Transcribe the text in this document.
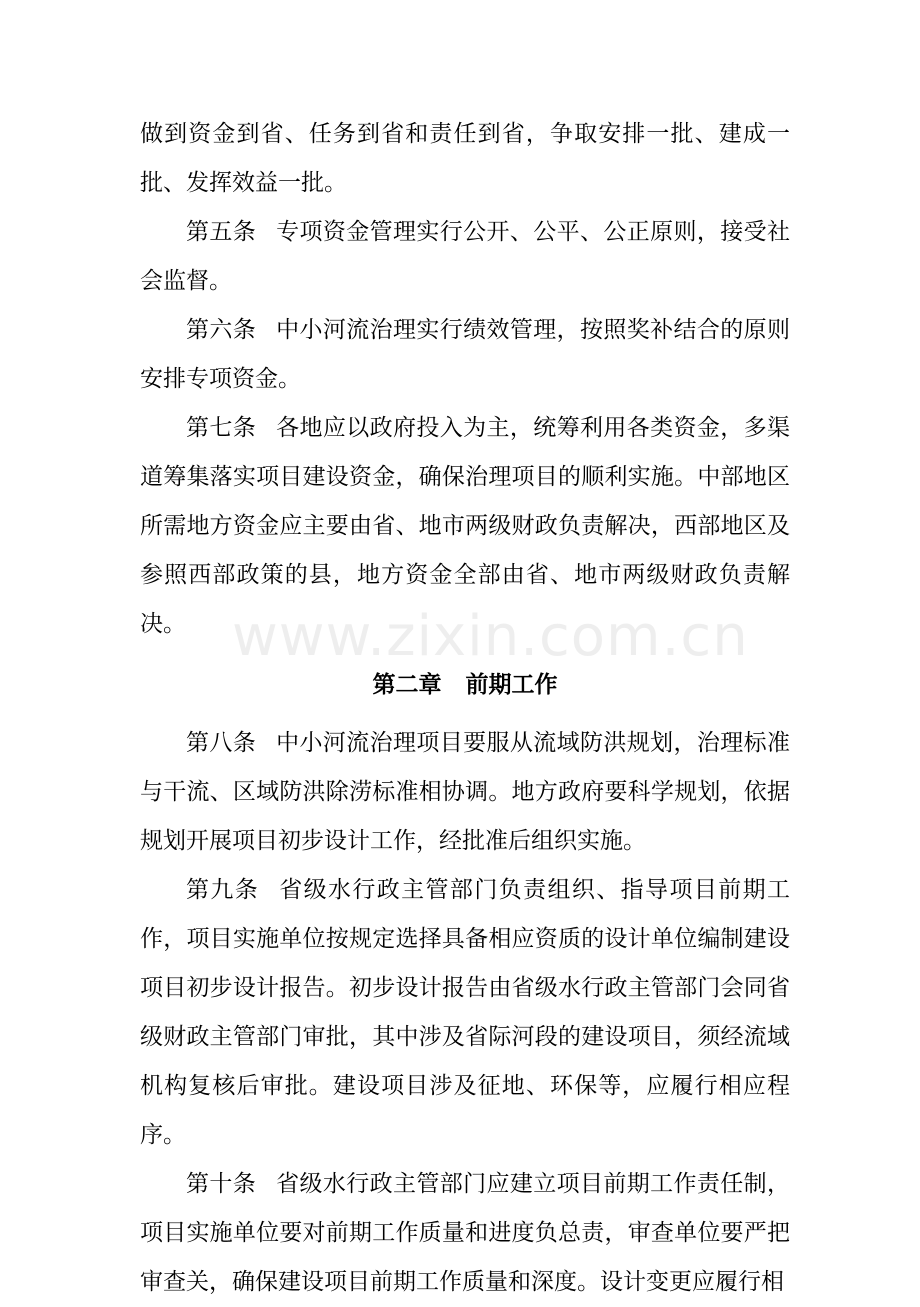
www.zixin.com.cn

做到资金到省、任务到省和责任到省，争取安排一批、建成一批、发挥效益一批。

第五条 专项资金管理实行公开、公平、公正原则，接受社会监督。

第六条 中小河流治理实行绩效管理，按照奖补结合的原则安排专项资金。

第七条 各地应以政府投入为主，统筹利用各类资金，多渠道筹集落实项目建设资金，确保治理项目的顺利实施。中部地区所需地方资金应主要由省、地市两级财政负责解决，西部地区及参照西部政策的县，地方资金全部由省、地市两级财政负责解决。

第二章 前期工作

第八条 中小河流治理项目要服从流域防洪规划，治理标准与干流、区域防洪除涝标准相协调。地方政府要科学规划，依据规划开展项目初步设计工作，经批准后组织实施。

第九条 省级水行政主管部门负责组织、指导项目前期工作，项目实施单位按规定选择具备相应资质的设计单位编制建设项目初步设计报告。初步设计报告由省级水行政主管部门会同省级财政主管部门审批，其中涉及省际河段的建设项目，须经流域机构复核后审批。建设项目涉及征地、环保等，应履行相应程序。

第十条 省级水行政主管部门应建立项目前期工作责任制，项目实施单位要对前期工作质量和进度负总责，审查单位要严把审查关，确保建设项目前期工作质量和深度。设计变更应履行相
